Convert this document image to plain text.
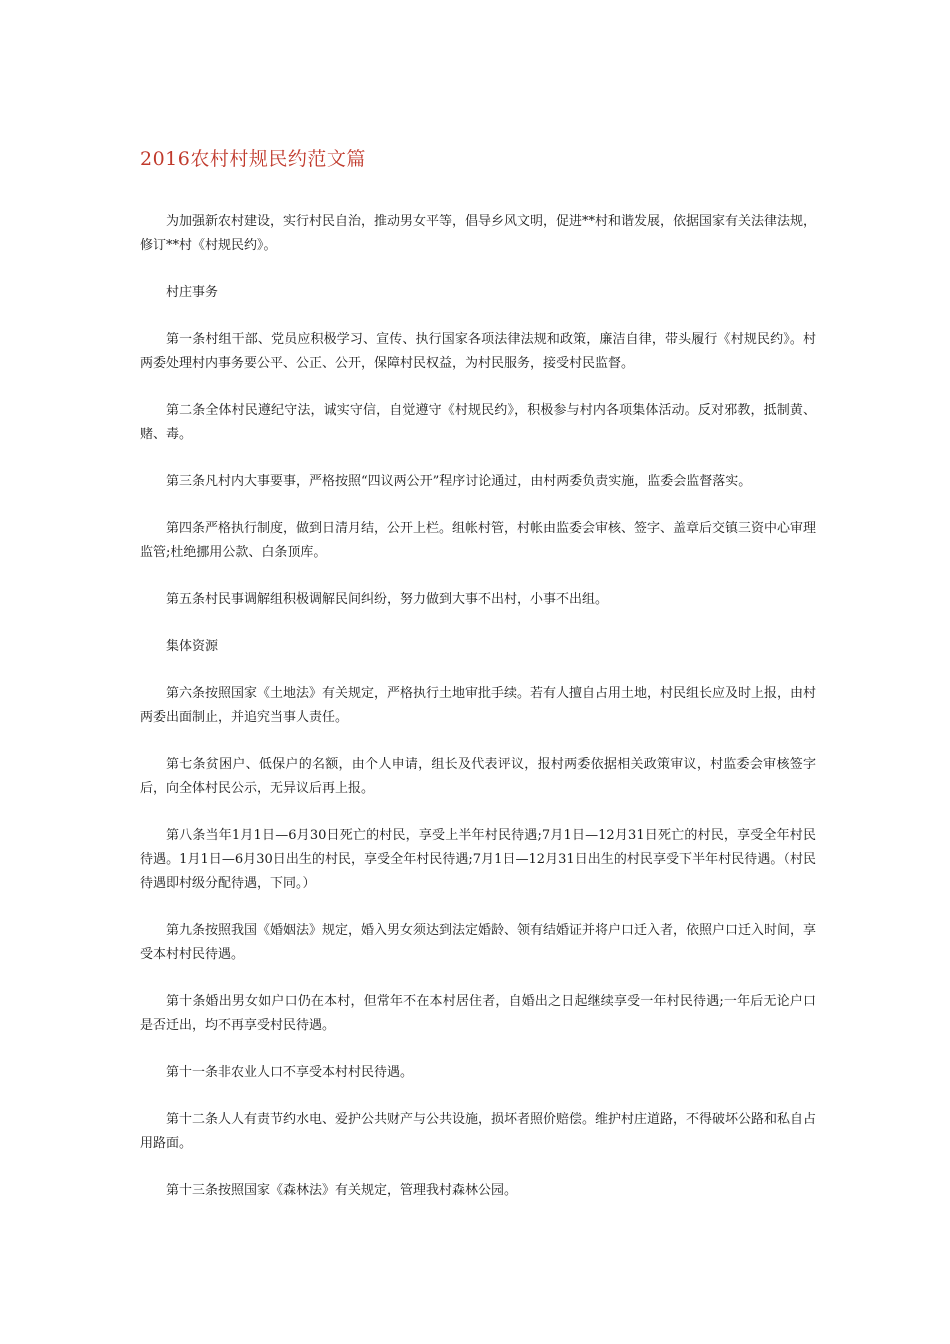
2016农村村规民约范文篇

为加强新农村建设，实行村民自治，推动男女平等，倡导乡风文明，促进**村和谐发展，依据国家有关法律法规，修订**村《村规民约》。

村庄事务

第一条村组干部、党员应积极学习、宣传、执行国家各项法律法规和政策，廉洁自律，带头履行《村规民约》。村两委处理村内事务要公平、公正、公开，保障村民权益，为村民服务，接受村民监督。

第二条全体村民遵纪守法，诚实守信，自觉遵守《村规民约》，积极参与村内各项集体活动。反对邪教，抵制黄、赌、毒。

第三条凡村内大事要事，严格按照“四议两公开”程序讨论通过，由村两委负责实施，监委会监督落实。

第四条严格执行制度，做到日清月结，公开上栏。组帐村管，村帐由监委会审核、签字、盖章后交镇三资中心审理监管;杜绝挪用公款、白条顶库。

第五条村民事调解组积极调解民间纠纷，努力做到大事不出村，小事不出组。

集体资源

第六条按照国家《土地法》有关规定，严格执行土地审批手续。若有人擅自占用土地，村民组长应及时上报，由村两委出面制止，并追究当事人责任。

第七条贫困户、低保户的名额，由个人申请，组长及代表评议，报村两委依据相关政策审议，村监委会审核签字后，向全体村民公示，无异议后再上报。

第八条当年1月1日—6月30日死亡的村民，享受上半年村民待遇;7月1日—12月31日死亡的村民，享受全年村民待遇。1月1日—6月30日出生的村民，享受全年村民待遇;7月1日—12月31日出生的村民享受下半年村民待遇。（村民待遇即村级分配待遇，下同。）

第九条按照我国《婚姻法》规定，婚入男女须达到法定婚龄、领有结婚证并将户口迁入者，依照户口迁入时间，享受本村村民待遇。

第十条婚出男女如户口仍在本村，但常年不在本村居住者，自婚出之日起继续享受一年村民待遇;一年后无论户口是否迁出，均不再享受村民待遇。

第十一条非农业人口不享受本村村民待遇。

第十二条人人有责节约水电、爱护公共财产与公共设施，损坏者照价赔偿。维护村庄道路，不得破坏公路和私自占用路面。

第十三条按照国家《森林法》有关规定，管理我村森林公园。
